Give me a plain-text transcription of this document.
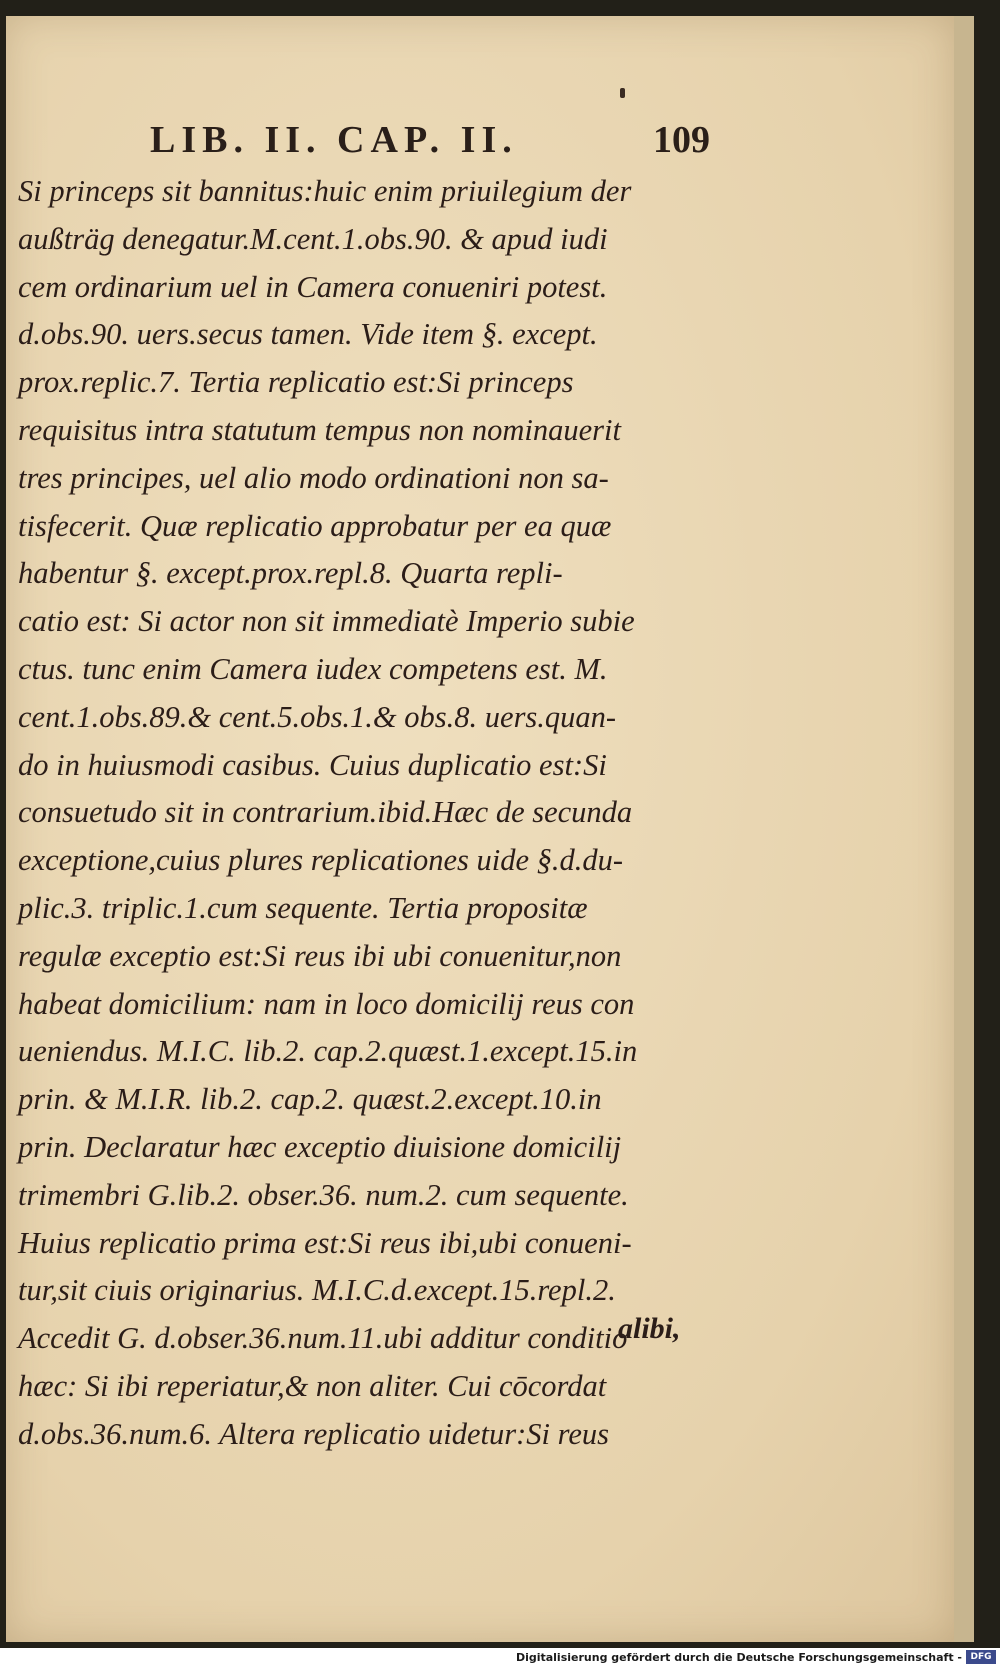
LIB. II. CAP. II.	109
Si princeps sit bannitus:huic enim priuilegium der
außträg denegatur.M.cent.1.obs.90. & apud iudi
cem ordinarium uel in Camera conueniri potest.
d.obs.90. uers.secus tamen. Vide item §. except.
prox.replic.7. Tertia replicatio est:Si princeps
requisitus intra statutum tempus non nominauerit
tres principes, uel alio modo ordinationi non sa-
tisfecerit. Quæ replicatio approbatur per ea quæ
habentur §. except.prox.repl.8. Quarta repli-
catio est: Si actor non sit immediatè Imperio subie
ctus. tunc enim Camera iudex competens est. M.
cent.1.obs.89.& cent.5.obs.1.& obs.8. uers.quan-
do in huiusmodi casibus. Cuius duplicatio est:Si
consuetudo sit in contrarium.ibid.Hæc de secunda
exceptione,cuius plures replicationes uide §.d.du-
plic.3. triplic.1.cum sequente. Tertia propositæ
regulæ exceptio est:Si reus ibi ubi conuenitur,non
habeat domicilium: nam in loco domicilij reus con
ueniendus. M.I.C. lib.2. cap.2.quæst.1.except.15.in
prin. & M.I.R. lib.2. cap.2. quæst.2.except.10.in
prin. Declaratur hæc exceptio diuisione domicilij
trimembri G.lib.2. obser.36. num.2. cum sequente.
Huius replicatio prima est:Si reus ibi,ubi conueni-
tur,sit ciuis originarius. M.I.C.d.except.15.repl.2.
Accedit G. d.obser.36.num.11.ubi additur conditio
hæc: Si ibi reperiatur,& non aliter. Cui cōcordat
d.obs.36.num.6. Altera replicatio uidetur:Si reus
alibi,
Digitalisierung gefördert durch die Deutsche Forschungsgemeinschaft - DFG
